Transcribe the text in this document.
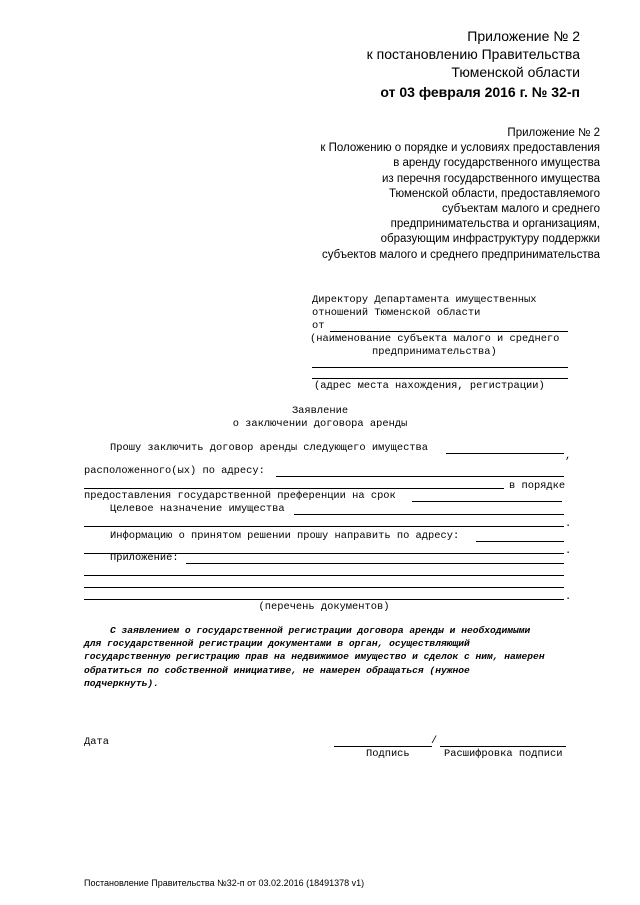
Приложение № 2
к постановлению Правительства
Тюменской области
от 03 февраля 2016 г. № 32-п
Приложение № 2
к Положению о порядке и условиях предоставления
в аренду государственного имущества
из перечня государственного имущества
Тюменской области, предоставляемого
субъектам малого и среднего
предпринимательства и организациям,
образующим инфраструктуру поддержки
субъектов малого и среднего предпринимательства
Директору Департамента имущественных
отношений Тюменской области
от
(наименование субъекта малого и среднего
предпринимательства)
(адрес места нахождения, регистрации)
Заявление
о заключении договора аренды
Прошу заключить договор аренды следующего имущества
,
расположенного(ых) по адресу:
в порядке
предоставления государственной преференции на срок
Целевое назначение имущества
.
Информацию о принятом решении прошу направить по адресу:
.
Приложение:
.
(перечень документов)
С заявлением о государственной регистрации договора аренды и необходимыми
для государственной регистрации документами в орган, осуществляющий
государственную регистрацию прав на недвижимое имущество и сделок с ним, намерен
обратиться по собственной инициативе, не намерен обращаться (нужное
подчеркнуть).
Дата	/
Подпись	Расшифровка подписи
Постановление Правительства №32-п от 03.02.2016 (18491378 v1)
